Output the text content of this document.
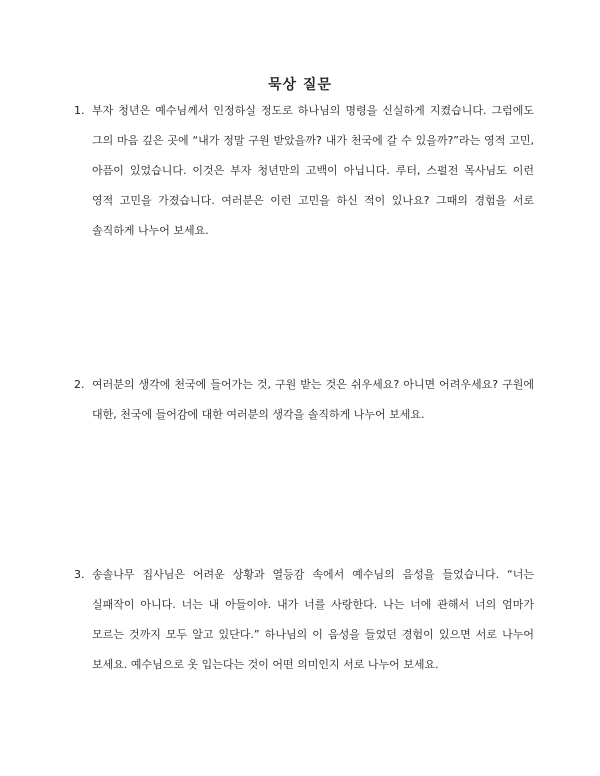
묵상 질문
1. 부자 청년은 예수님께서 인정하실 정도로 하나님의 명령을 신실하게 지켰습니다. 그럼에도 그의 마음 깊은 곳에 “내가 정말 구원 받았을까? 내가 천국에 갈 수 있을까?”라는 영적 고민, 아픔이 있었습니다. 이것은 부자 청년만의 고백이 아닙니다. 루터, 스펄전 목사님도 이런 영적 고민을 가졌습니다. 여러분은 이런 고민을 하신 적이 있나요? 그때의 경험을 서로 솔직하게 나누어 보세요.
2. 여러분의 생각에 천국에 들어가는 것, 구원 받는 것은 쉬우세요? 아니면 어려우세요? 구원에 대한, 천국에 들어감에 대한 여러분의 생각을 솔직하게 나누어 보세요.
3. 송솔나무 집사님은 어려운 상황과 열등감 속에서 예수님의 음성을 들었습니다. “너는 실패작이 아니다. 너는 내 아들이야. 내가 너를 사랑한다. 나는 너에 관해서 너의 엄마가 모르는 것까지 모두 알고 있단다.” 하나님의 이 음성을 들었던 경험이 있으면 서로 나누어 보세요. 예수님으로 옷 입는다는 것이 어떤 의미인지 서로 나누어 보세요.
